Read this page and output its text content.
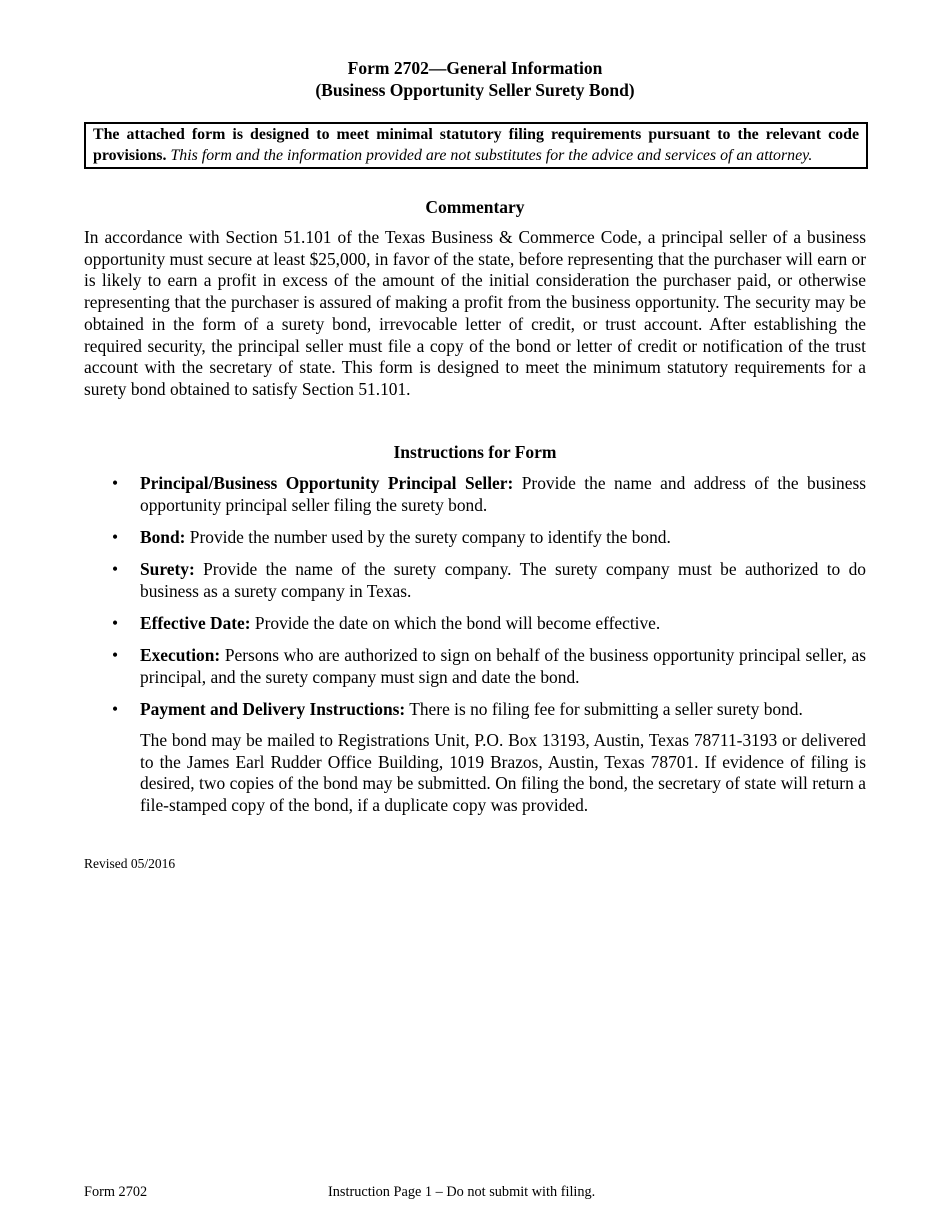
Form 2702—General Information
(Business Opportunity Seller Surety Bond)
The attached form is designed to meet minimal statutory filing requirements pursuant to the relevant code provisions. This form and the information provided are not substitutes for the advice and services of an attorney.
Commentary

In accordance with Section 51.101 of the Texas Business & Commerce Code, a principal seller of a business opportunity must secure at least $25,000, in favor of the state, before representing that the purchaser will earn or is likely to earn a profit in excess of the amount of the initial consideration the purchaser paid, or otherwise representing that the purchaser is assured of making a profit from the business opportunity. The security may be obtained in the form of a surety bond, irrevocable letter of credit, or trust account. After establishing the required security, the principal seller must file a copy of the bond or letter of credit or notification of the trust account with the secretary of state. This form is designed to meet the minimum statutory requirements for a surety bond obtained to satisfy Section 51.101.

Instructions for Form
• Principal/Business Opportunity Principal Seller: Provide the name and address of the business opportunity principal seller filing the surety bond.
• Bond: Provide the number used by the surety company to identify the bond.
• Surety: Provide the name of the surety company. The surety company must be authorized to do business as a surety company in Texas.
• Effective Date: Provide the date on which the bond will become effective.
• Execution: Persons who are authorized to sign on behalf of the business opportunity principal seller, as principal, and the surety company must sign and date the bond.
• Payment and Delivery Instructions: There is no filing fee for submitting a seller surety bond.

The bond may be mailed to Registrations Unit, P.O. Box 13193, Austin, Texas 78711-3193 or delivered to the James Earl Rudder Office Building, 1019 Brazos, Austin, Texas 78701. If evidence of filing is desired, two copies of the bond may be submitted. On filing the bond, the secretary of state will return a file-stamped copy of the bond, if a duplicate copy was provided.

Revised 05/2016
Form 2702	Instruction Page 1 – Do not submit with filing.
